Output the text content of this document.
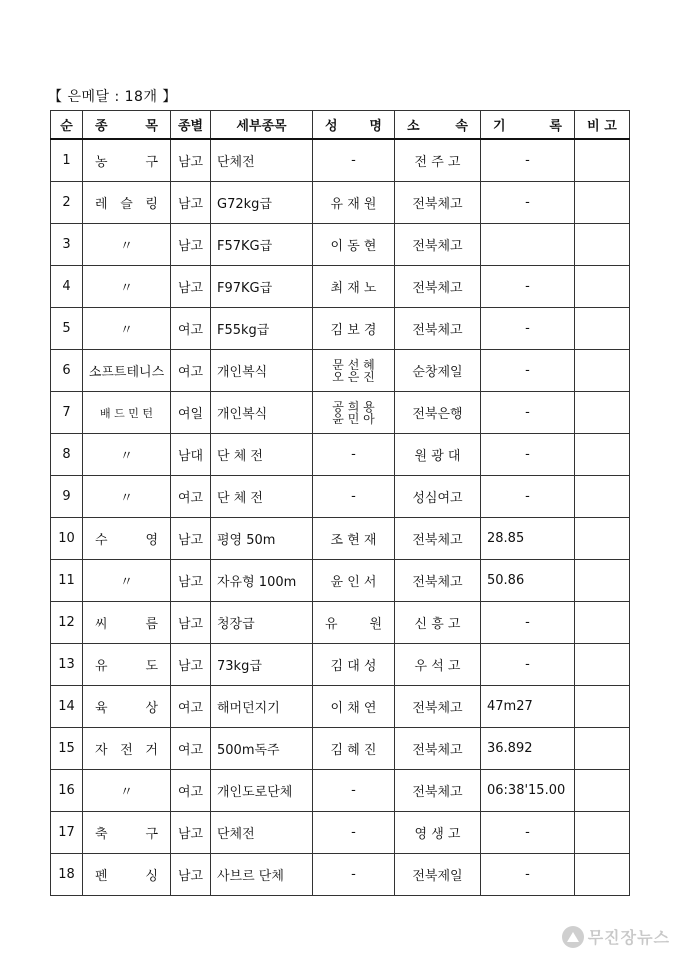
【 은메달 : 18개 】
순	종 목	종별	세부종목	성 명	소 속	기 록	비 고
1	농 구	남고	단체전	-	전 주 고	-	
2	레 슬 링	남고	G72kg급	유 재 원	전북체고	-	
3	〃	남고	F57KG급	이 동 현	전북체고		
4	〃	남고	F97KG급	최 재 노	전북체고	-	
5	〃	여고	F55kg급	김 보 경	전북체고	-	
6	소프트테니스	여고	개인복식	문 선 혜
오 은 진	순창제일	-	
7	배 드 민 턴	여일	개인복식	공 희 용
윤 민 아	전북은행	-	
8	〃	남대	단 체 전	-	원 광 대	-	
9	〃	여고	단 체 전	-	성심여고	-	
10	수 영	남고	평영 50m	조 현 재	전북체고	28.85	
11	〃	남고	자유형 100m	윤 인 서	전북체고	50.86	
12	씨 름	남고	청장급	유 원	신 흥 고	-	
13	유 도	남고	73kg급	김 대 성	우 석 고	-	
14	육 상	여고	해머던지기	이 채 연	전북체고	47m27	
15	자 전 거	여고	500m독주	김 혜 진	전북체고	36.892	
16	〃	여고	개인도로단체	-	전북체고	06:38'15.00	
17	축 구	남고	단체전	-	영 생 고	-	
18	펜 싱	남고	사브르 단체	-	전북제일	-	
무진장뉴스
